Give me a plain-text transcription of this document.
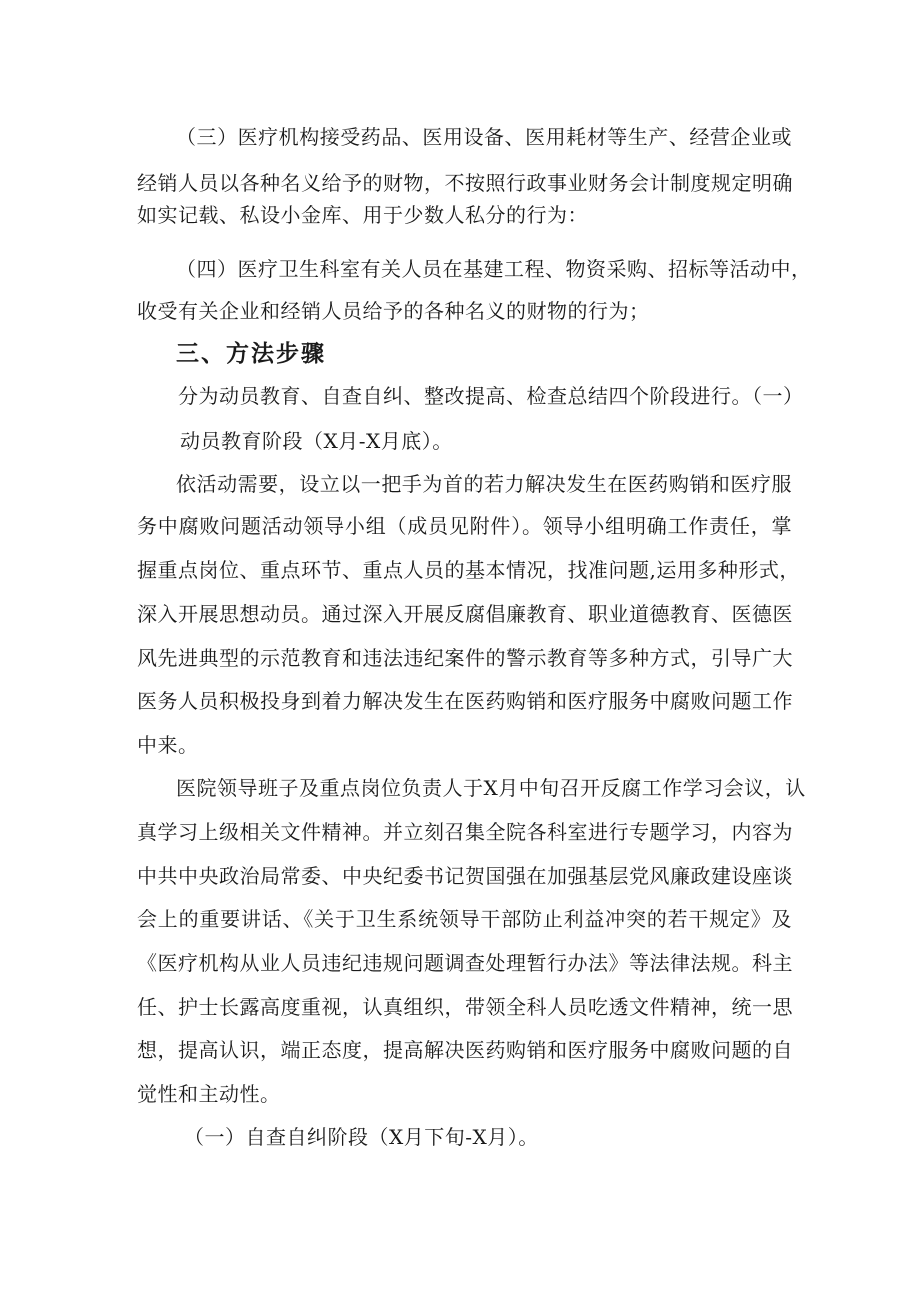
（三）医疗机构接受药品、医用设备、医用耗材等生产、经营企业或
经销人员以各种名义给予的财物，不按照行政事业财务会计制度规定明确
如实记载、私设小金库、用于少数人私分的行为：
（四）医疗卫生科室有关人员在基建工程、物资采购、招标等活动中，
收受有关企业和经销人员给予的各种名义的财物的行为；
三、方法步骤
分为动员教育、自查自纠、整改提高、检查总结四个阶段进行。（一）
动员教育阶段（X月-X月底）。
依活动需要，设立以一把手为首的若力解决发生在医药购销和医疗服
务中腐败问题活动领导小组（成员见附件）。领导小组明确工作责任，掌
握重点岗位、重点环节、重点人员的基本情况，找准问题,运用多种形式，
深入开展思想动员。通过深入开展反腐倡廉教育、职业道德教育、医德医
风先进典型的示范教育和违法违纪案件的警示教育等多种方式，引导广大
医务人员积极投身到着力解决发生在医药购销和医疗服务中腐败问题工作
中来。
医院领导班子及重点岗位负责人于X月中旬召开反腐工作学习会议，认
真学习上级相关文件精神。并立刻召集全院各科室进行专题学习，内容为
中共中央政治局常委、中央纪委书记贺国强在加强基层党风廉政建设座谈
会上的重要讲话、《关于卫生系统领导干部防止利益冲突的若干规定》及
《医疗机构从业人员违纪违规问题调查处理暂行办法》等法律法规。科主
任、护士长露高度重视，认真组织，带领全科人员吃透文件精神，统一思
想，提高认识，端正态度，提高解决医药购销和医疗服务中腐败问题的自
觉性和主动性。
（一）自查自纠阶段（X月下旬-X月）。
